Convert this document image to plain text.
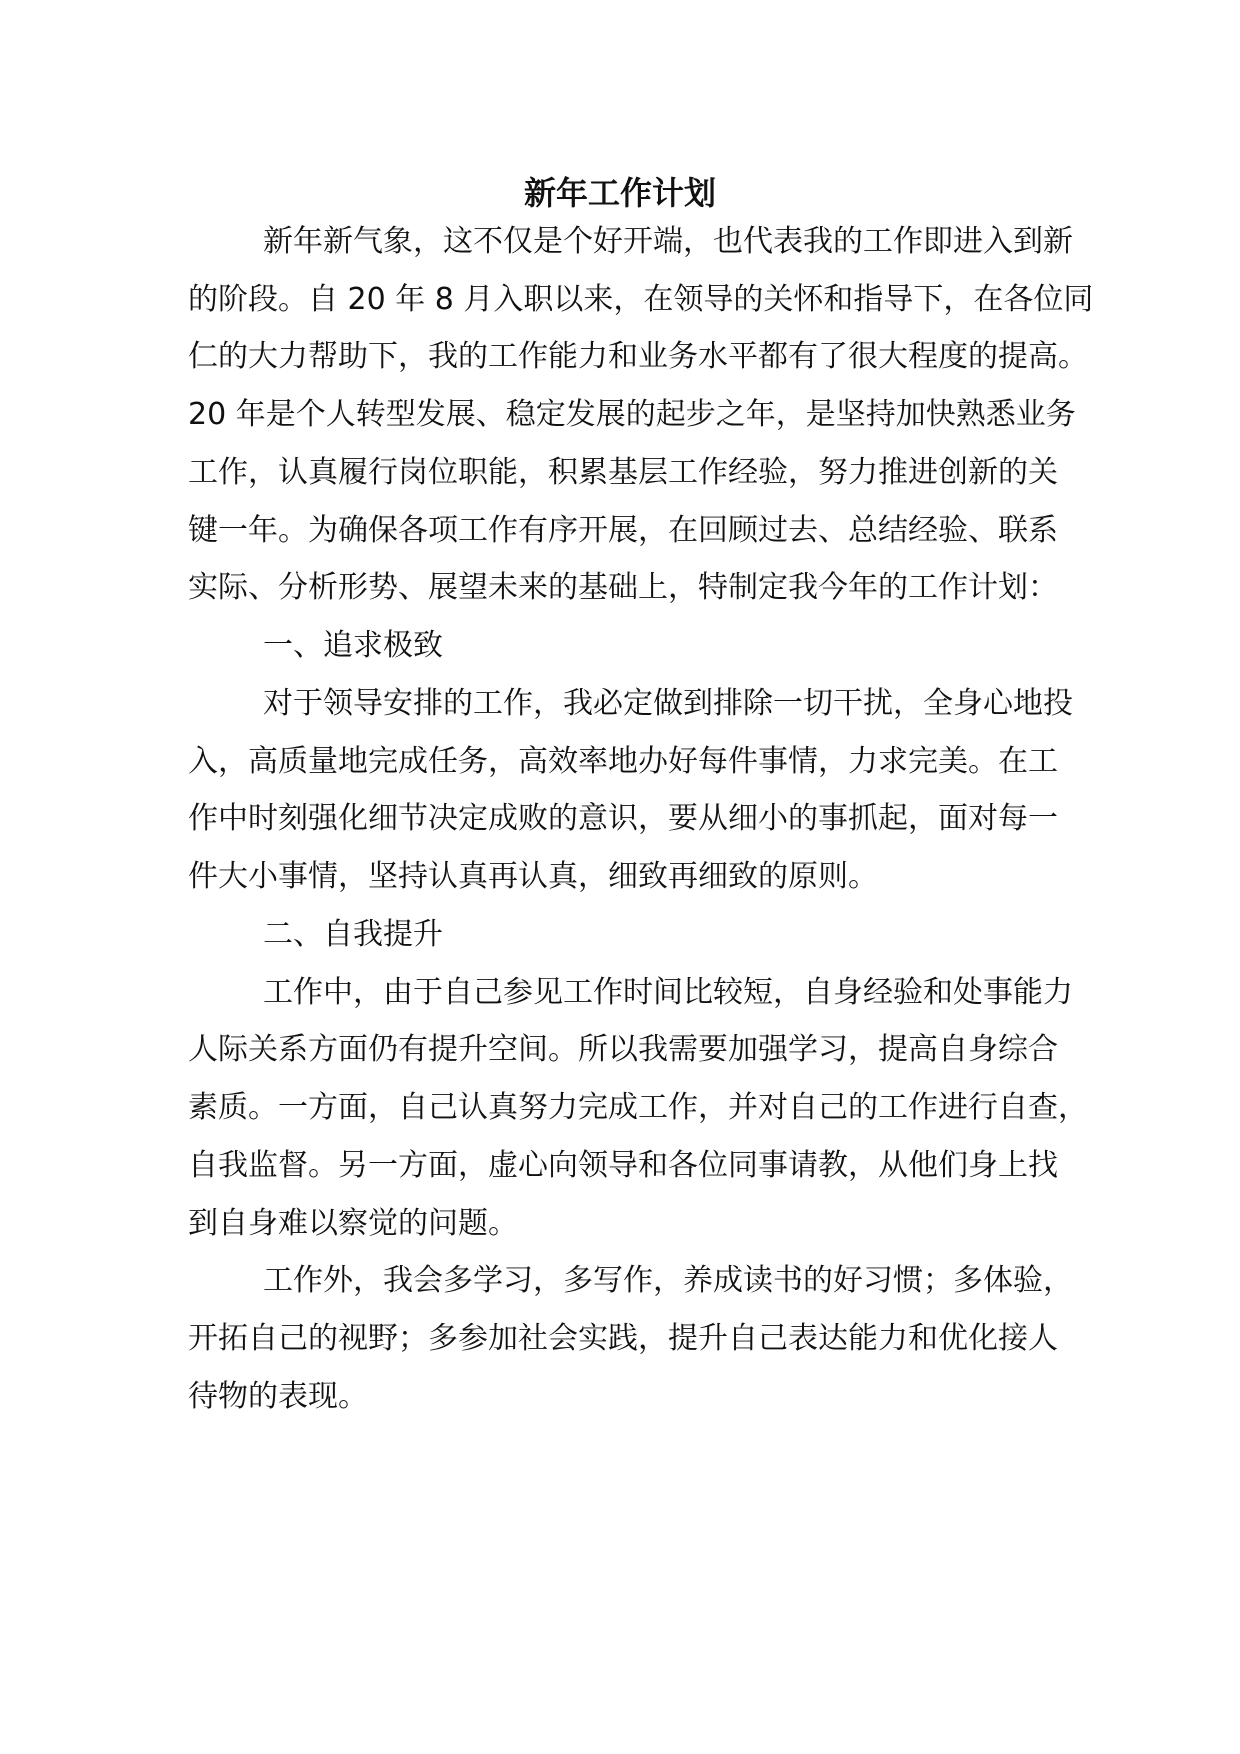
新年工作计划

新年新气象，这不仅是个好开端，也代表我的工作即进入到新

的阶段。自 20 年 8 月入职以来，在领导的关怀和指导下，在各位同

仁的大力帮助下，我的工作能力和业务水平都有了很大程度的提高。

20 年是个人转型发展、稳定发展的起步之年，是坚持加快熟悉业务

工作，认真履行岗位职能，积累基层工作经验，努力推进创新的关

键一年。为确保各项工作有序开展，在回顾过去、总结经验、联系

实际、分析形势、展望未来的基础上，特制定我今年的工作计划：

一、追求极致

对于领导安排的工作，我必定做到排除一切干扰，全身心地投

入，高质量地完成任务，高效率地办好每件事情，力求完美。在工

作中时刻强化细节决定成败的意识，要从细小的事抓起，面对每一

件大小事情，坚持认真再认真，细致再细致的原则。

二、自我提升

工作中，由于自己参见工作时间比较短，自身经验和处事能力

人际关系方面仍有提升空间。所以我需要加强学习，提高自身综合

素质。一方面，自己认真努力完成工作，并对自己的工作进行自查，

自我监督。另一方面，虚心向领导和各位同事请教，从他们身上找

到自身难以察觉的问题。

工作外，我会多学习，多写作，养成读书的好习惯；多体验，

开拓自己的视野；多参加社会实践，提升自己表达能力和优化接人

待物的表现。
